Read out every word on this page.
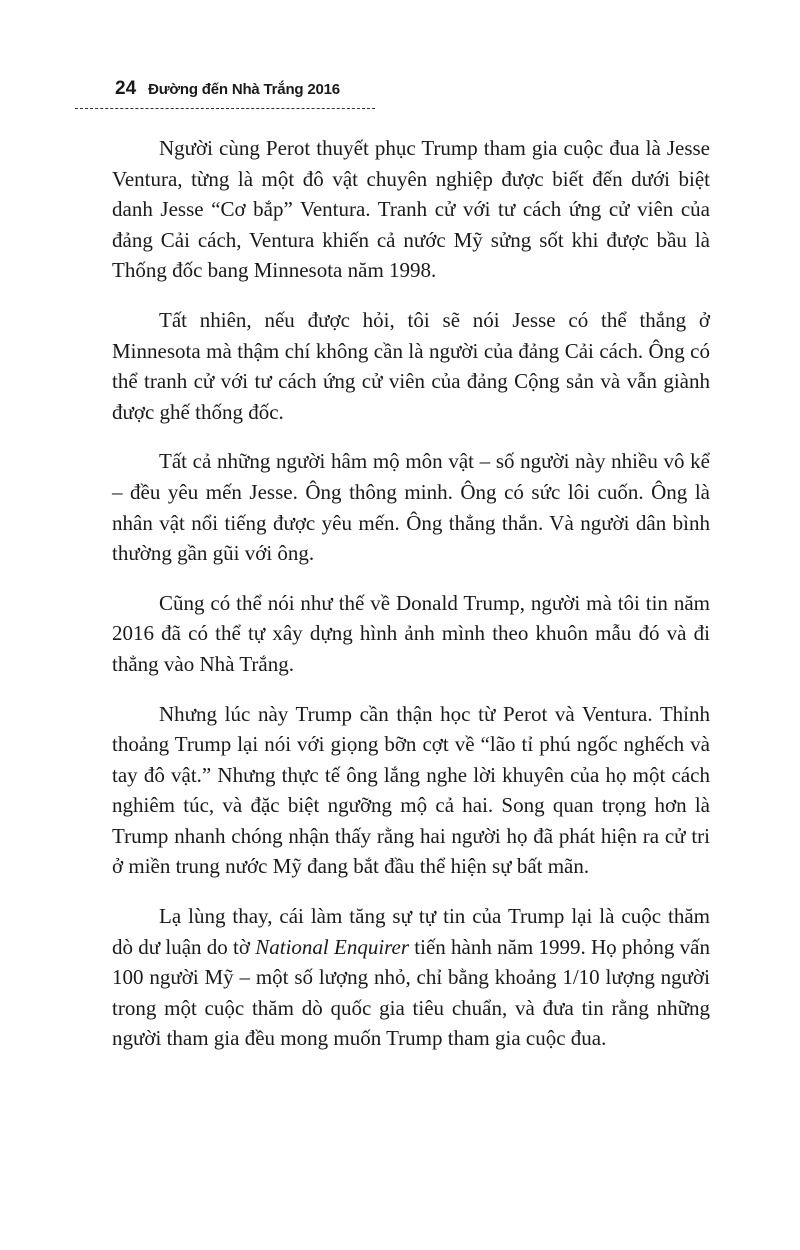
24 Đường đến Nhà Trắng 2016

Người cùng Perot thuyết phục Trump tham gia cuộc đua là Jesse Ventura, từng là một đô vật chuyên nghiệp được biết đến dưới biệt danh Jesse “Cơ bắp” Ventura. Tranh cử với tư cách ứng cử viên của đảng Cải cách, Ventura khiến cả nước Mỹ sửng sốt khi được bầu là Thống đốc bang Minnesota năm 1998.

Tất nhiên, nếu được hỏi, tôi sẽ nói Jesse có thể thắng ở Minnesota mà thậm chí không cần là người của đảng Cải cách. Ông có thể tranh cử với tư cách ứng cử viên của đảng Cộng sản và vẫn giành được ghế thống đốc.

Tất cả những người hâm mộ môn vật – số người này nhiều vô kể – đều yêu mến Jesse. Ông thông minh. Ông có sức lôi cuốn. Ông là nhân vật nổi tiếng được yêu mến. Ông thẳng thắn. Và người dân bình thường gần gũi với ông.

Cũng có thể nói như thế về Donald Trump, người mà tôi tin năm 2016 đã có thể tự xây dựng hình ảnh mình theo khuôn mẫu đó và đi thẳng vào Nhà Trắng.

Nhưng lúc này Trump cần thận học từ Perot và Ventura. Thỉnh thoảng Trump lại nói với giọng bỡn cợt về “lão tỉ phú ngốc nghếch và tay đô vật.” Nhưng thực tế ông lắng nghe lời khuyên của họ một cách nghiêm túc, và đặc biệt ngưỡng mộ cả hai. Song quan trọng hơn là Trump nhanh chóng nhận thấy rằng hai người họ đã phát hiện ra cử tri ở miền trung nước Mỹ đang bắt đầu thể hiện sự bất mãn.

Lạ lùng thay, cái làm tăng sự tự tin của Trump lại là cuộc thăm dò dư luận do tờ National Enquirer tiến hành năm 1999. Họ phỏng vấn 100 người Mỹ – một số lượng nhỏ, chỉ bằng khoảng 1/10 lượng người trong một cuộc thăm dò quốc gia tiêu chuẩn, và đưa tin rằng những người tham gia đều mong muốn Trump tham gia cuộc đua.
